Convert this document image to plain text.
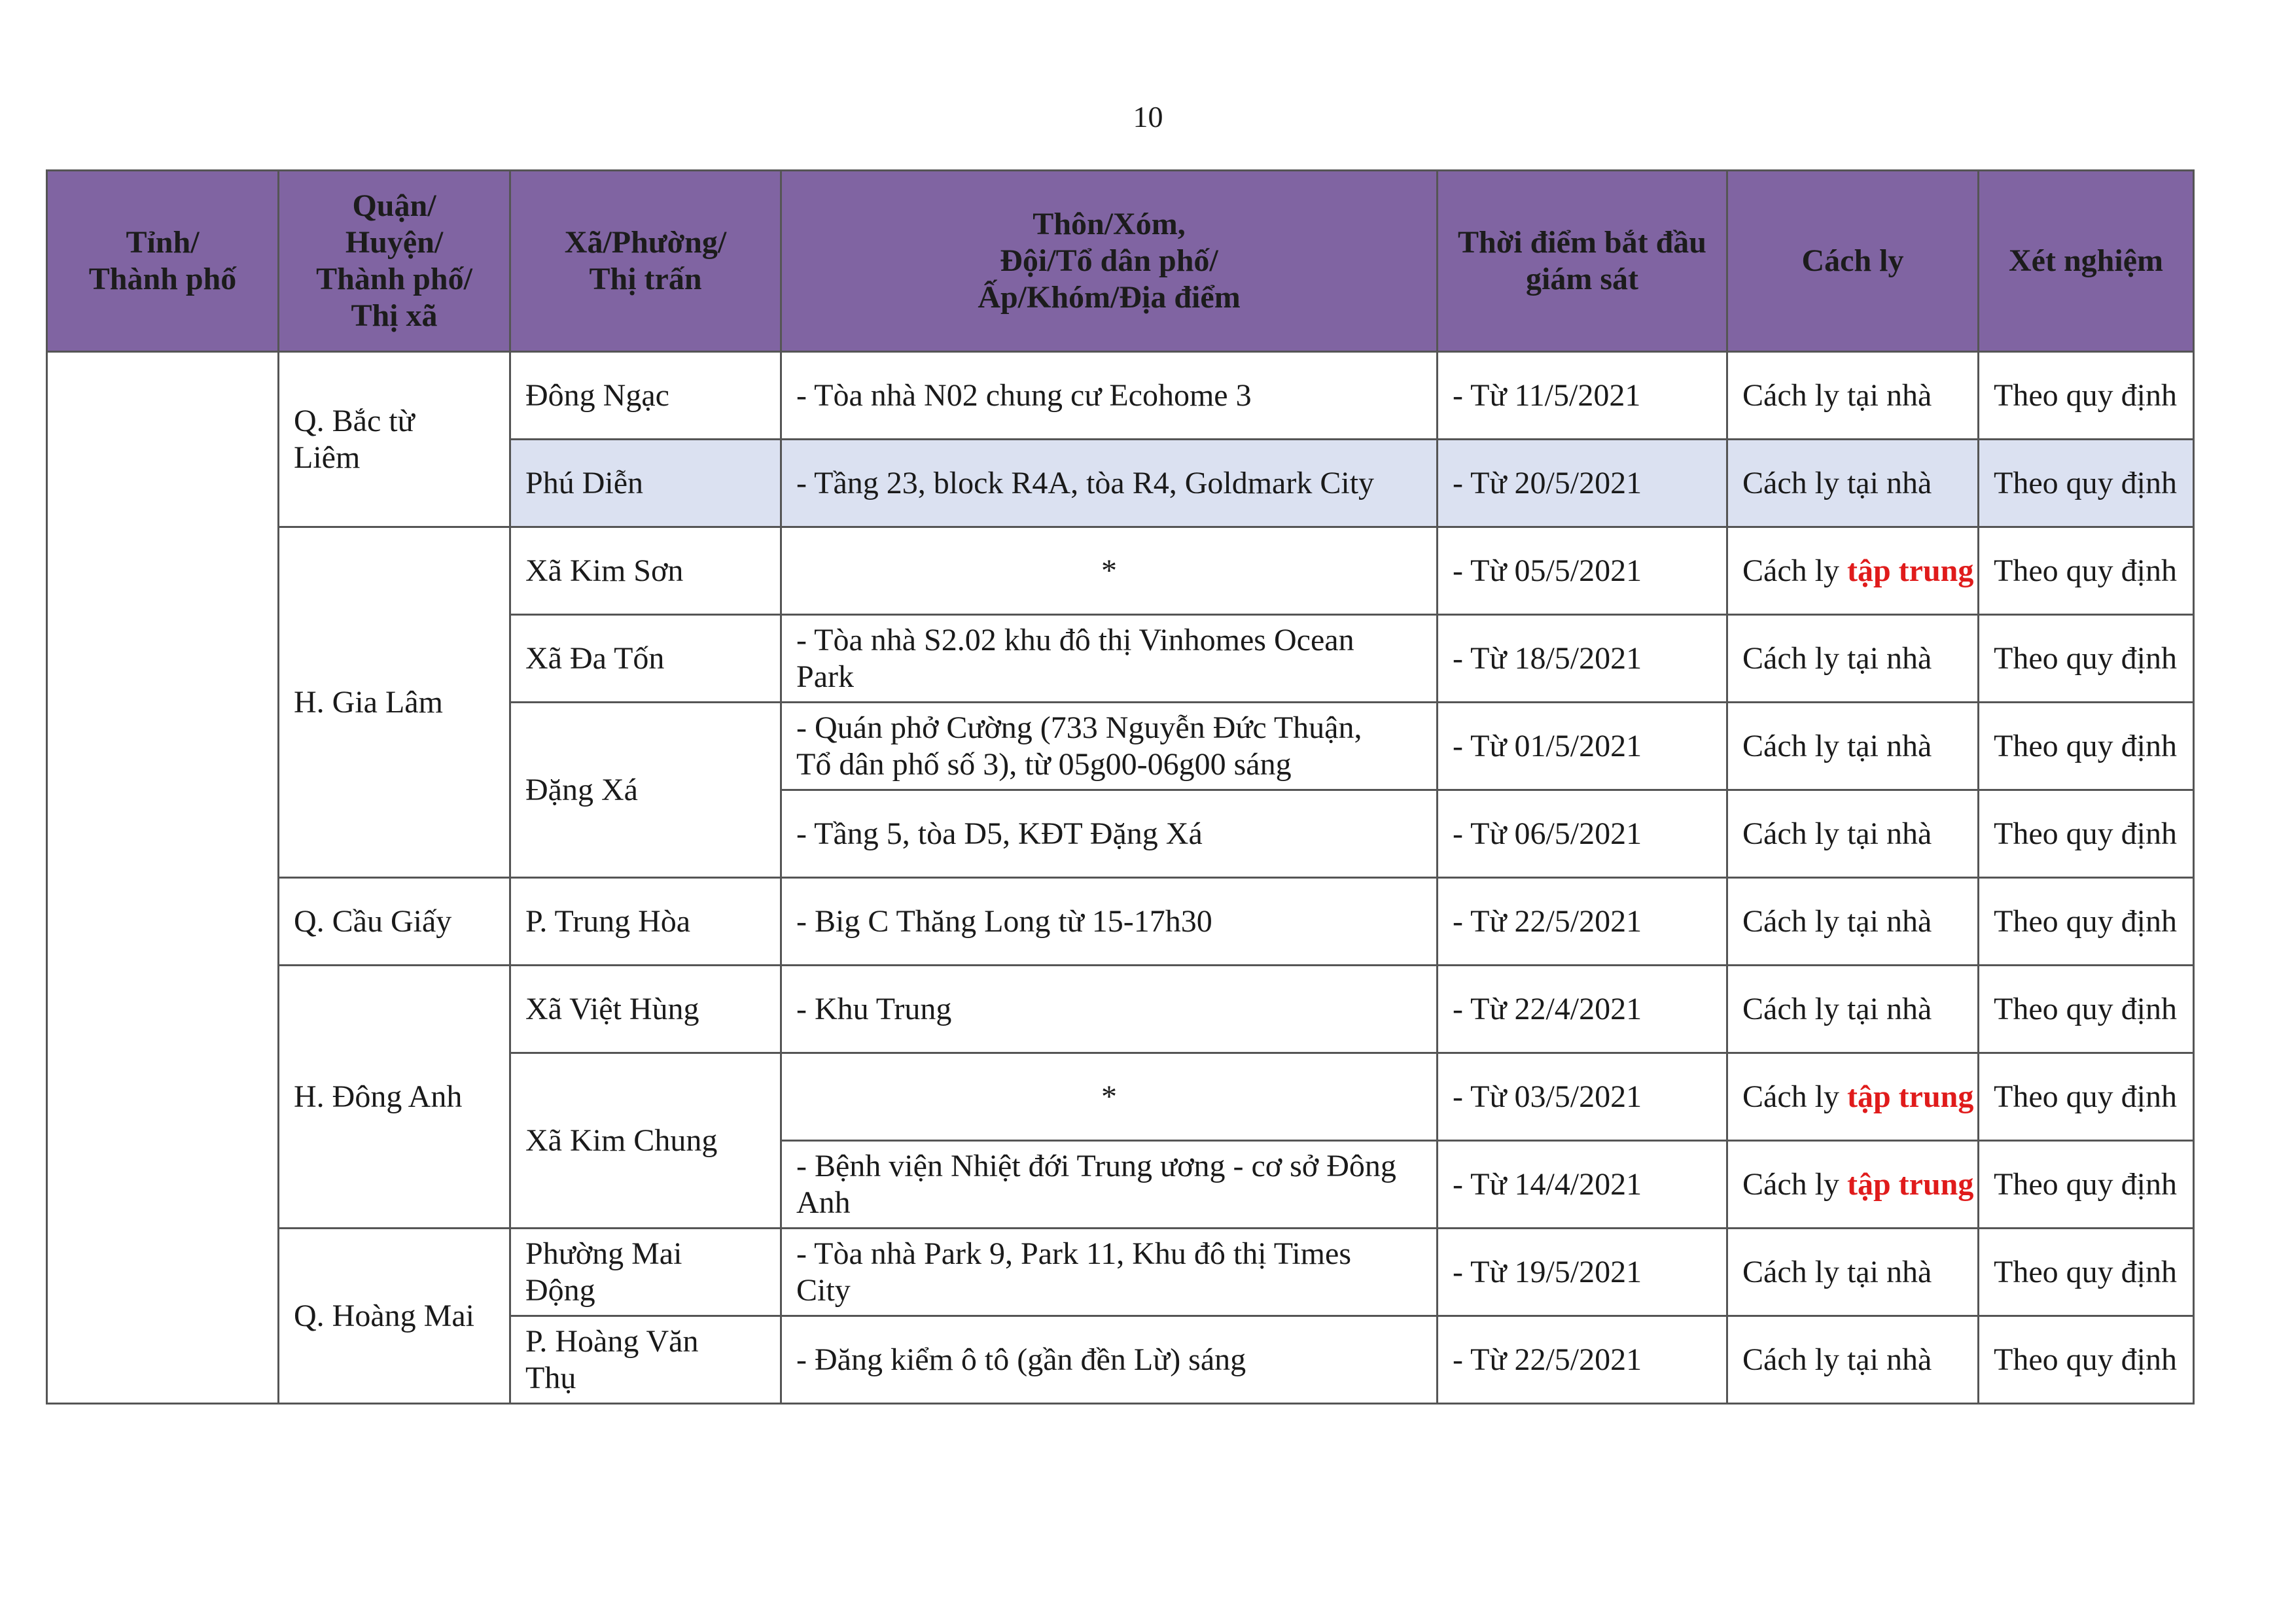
10
Tỉnh/
Thành phố	Quận/
Huyện/
Thành phố/
Thị xã	Xã/Phường/
Thị trấn	Thôn/Xóm,
Đội/Tổ dân phố/
Ấp/Khóm/Địa điểm	Thời điểm bắt đầu
giám sát	Cách ly	Xét nghiệm
	Q. Bắc từ
Liêm	Đông Ngạc	- Tòa nhà N02 chung cư Ecohome 3	- Từ 11/5/2021	Cách ly tại nhà	Theo quy định
		Phú Diễn	- Tầng 23, block R4A, tòa R4, Goldmark City	- Từ 20/5/2021	Cách ly tại nhà	Theo quy định
	H. Gia Lâm	Xã Kim Sơn	*	- Từ 05/5/2021	Cách ly tập trung	Theo quy định
		Xã Đa Tốn	- Tòa nhà S2.02 khu đô thị Vinhomes Ocean
Park	- Từ 18/5/2021	Cách ly tại nhà	Theo quy định
		Đặng Xá	- Quán phở Cường (733 Nguyễn Đức Thuận,
Tổ dân phố số 3), từ 05g00-06g00 sáng	- Từ 01/5/2021	Cách ly tại nhà	Theo quy định
			- Tầng 5, tòa D5, KĐT Đặng Xá	- Từ 06/5/2021	Cách ly tại nhà	Theo quy định
	Q. Cầu Giấy	P. Trung Hòa	- Big C Thăng Long từ 15-17h30	- Từ 22/5/2021	Cách ly tại nhà	Theo quy định
	H. Đông Anh	Xã Việt Hùng	- Khu Trung	- Từ 22/4/2021	Cách ly tại nhà	Theo quy định
		Xã Kim Chung	*	- Từ 03/5/2021	Cách ly tập trung	Theo quy định
			- Bệnh viện Nhiệt đới Trung ương - cơ sở Đông
Anh	- Từ 14/4/2021	Cách ly tập trung	Theo quy định
	Q. Hoàng Mai	Phường Mai
Động	- Tòa nhà Park 9, Park 11, Khu đô thị Times
City	- Từ 19/5/2021	Cách ly tại nhà	Theo quy định
		P. Hoàng Văn
Thụ	- Đăng kiểm ô tô (gần đền Lừ) sáng	- Từ 22/5/2021	Cách ly tại nhà	Theo quy định
